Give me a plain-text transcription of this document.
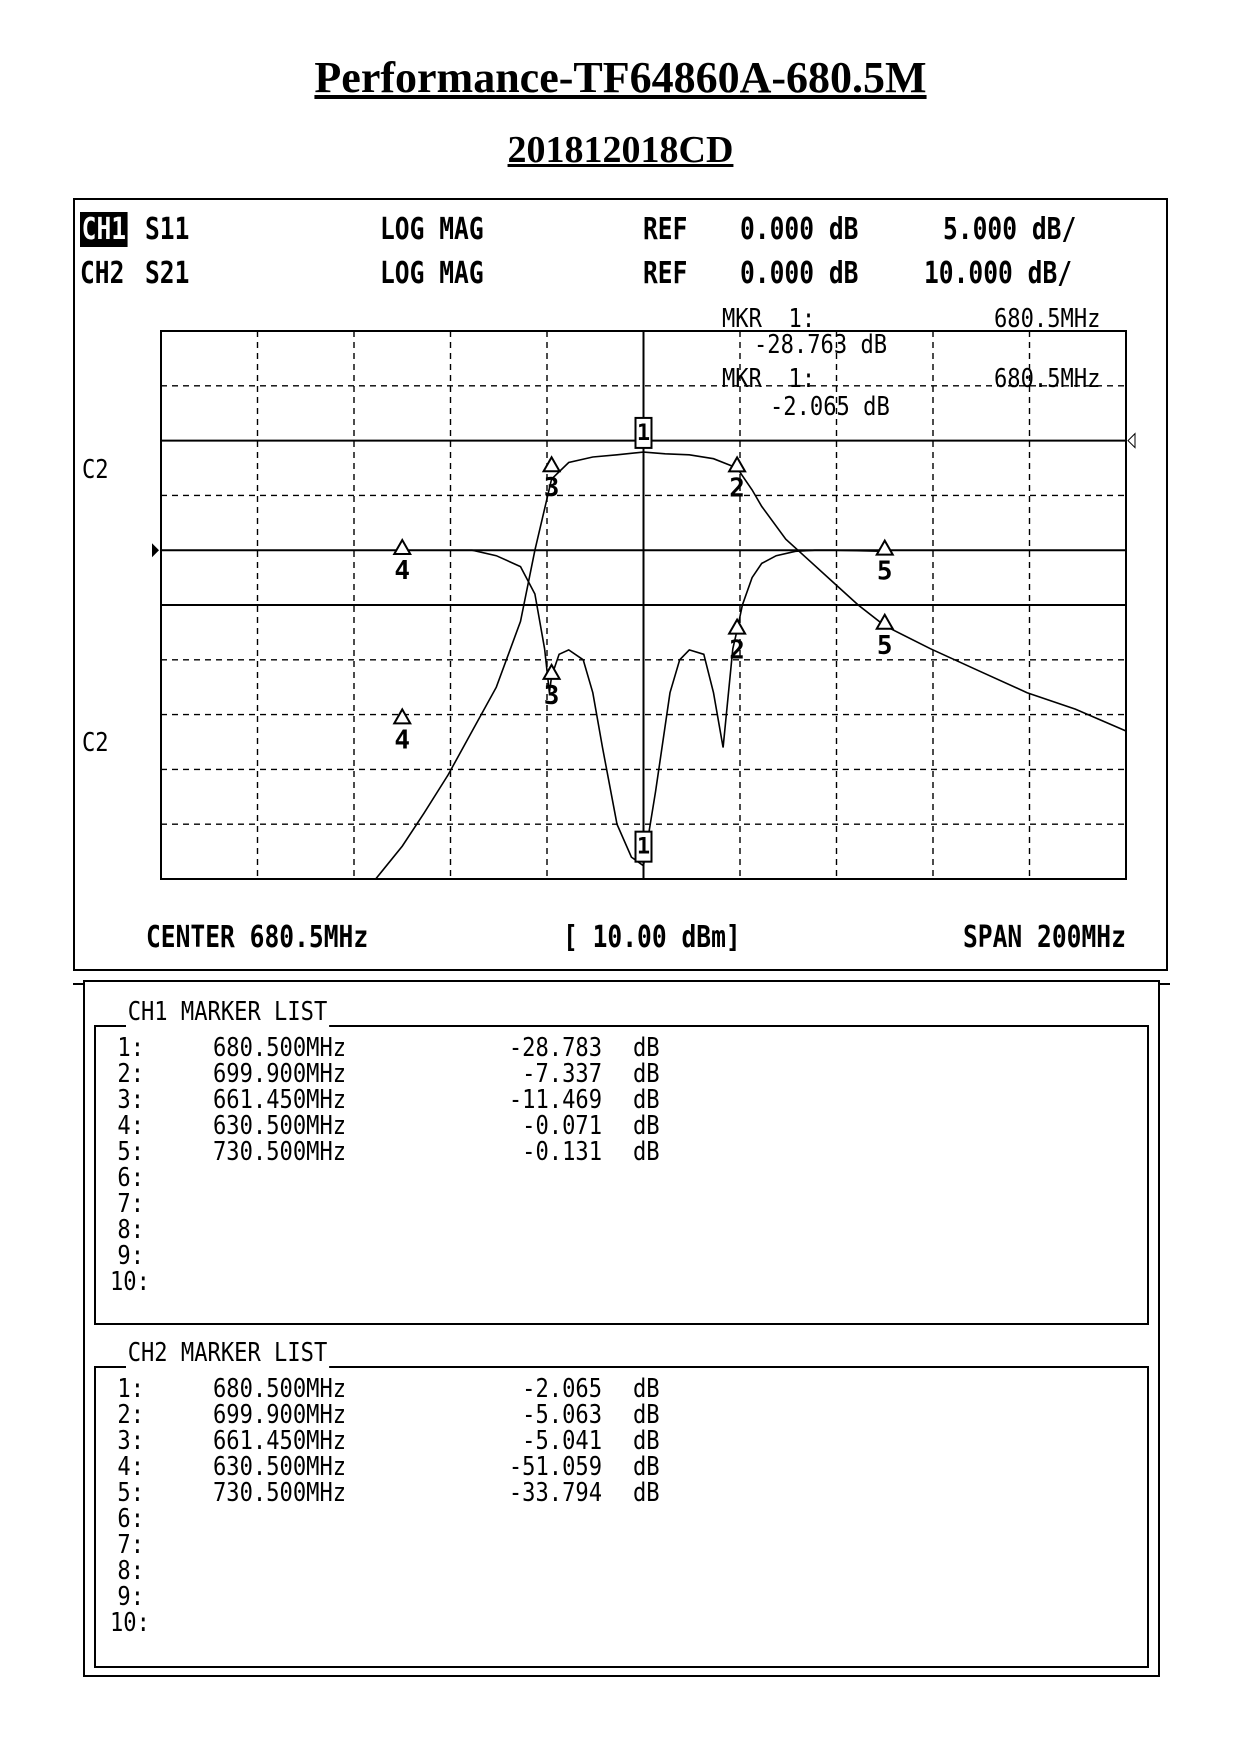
Performance-TF64860A-680.5M
201812018CD
CH1 S11	LOG MAG	REF 0.000 dB	5.000 dB/
CH2 S21	LOG MAG	REF 0.000 dB 10.000 dB/
1
2
3
4	5
1
2
3
4
5
MKR  1:	680.5MHz
-28.763 dB
MKR  1:	680.5MHz
-2.065 dB
C2
C2
CENTER 680.5MHz	[ 10.00 dBm]	SPAN 200MHz
CH1 MARKER LIST
1:	680.500MHz	-28.783 dB
2:	699.900MHz	-7.337 dB
3:	661.450MHz	-11.469 dB
4:	630.500MHz	-0.071 dB
5:	730.500MHz	-0.131 dB
6:
7:
8:
9:
10:
CH2 MARKER LIST
1:	680.500MHz	-2.065 dB
2:	699.900MHz	-5.063 dB
3:	661.450MHz	-5.041 dB
4:	630.500MHz	-51.059 dB
5:	730.500MHz	-33.794 dB
6:
7:
8:
9:
10:
